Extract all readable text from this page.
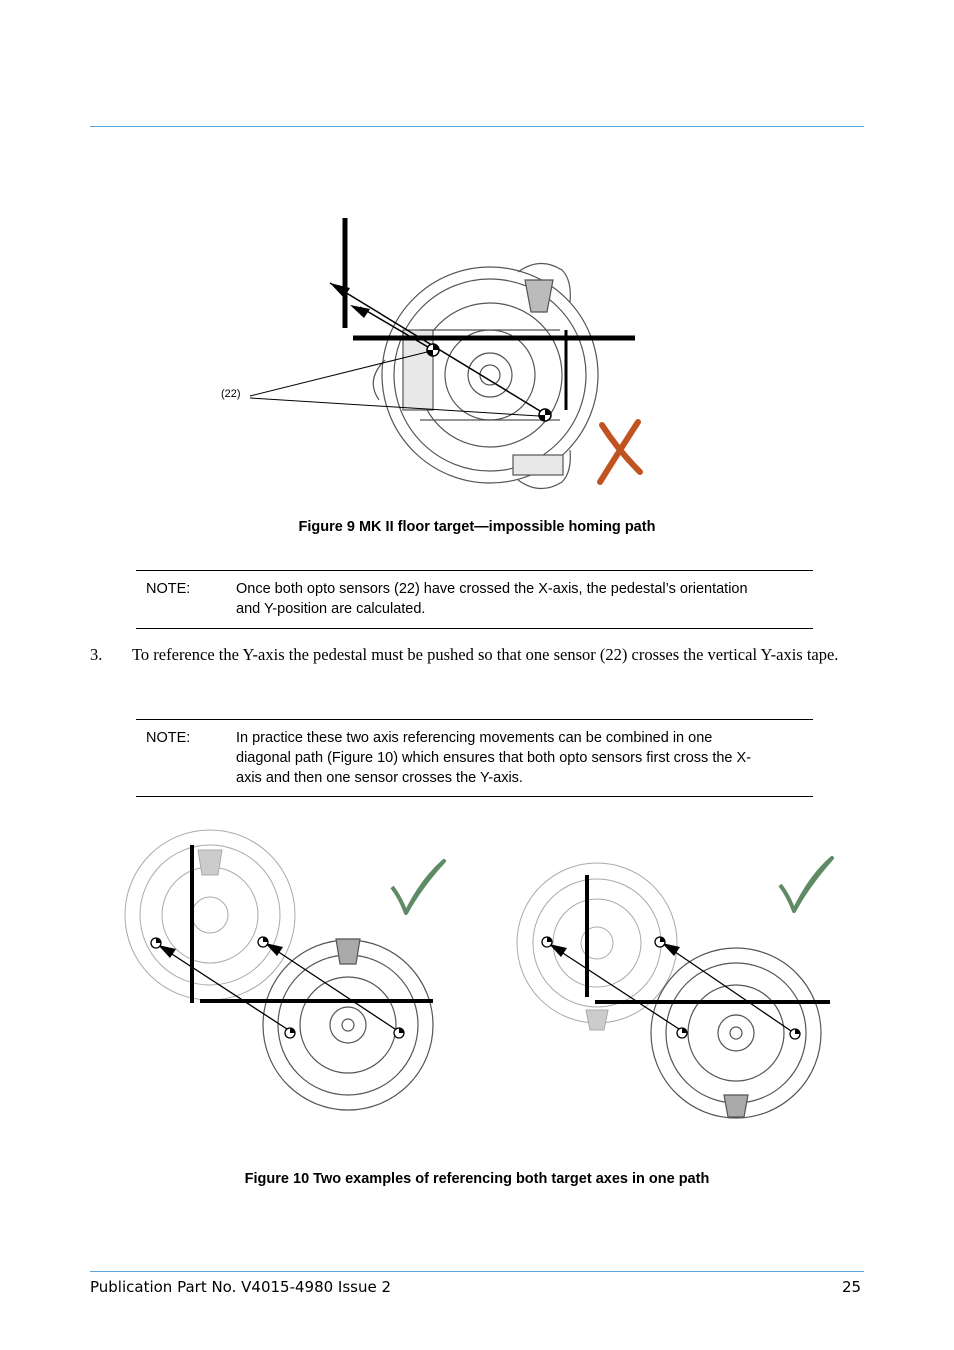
(22)
Figure 9 MK II floor target—impossible homing path
NOTE:	Once both opto sensors (22) have crossed the X-axis, the pedestal’s orientation and Y-position are calculated.
3. To reference the Y-axis the pedestal must be pushed so that one sensor (22) crosses the vertical Y-axis tape.
NOTE:	In practice these two axis referencing movements can be combined in one diagonal path (Figure 10) which ensures that both opto sensors first cross the X-axis and then one sensor crosses the Y-axis.
Figure 10 Two examples of referencing both target axes in one path
Publication Part No. V4015-4980 Issue 2	25
